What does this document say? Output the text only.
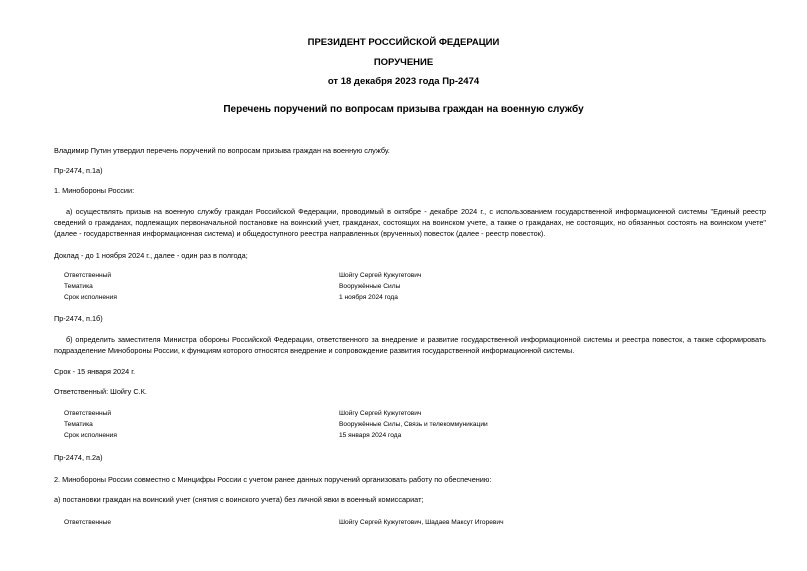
ПРЕЗИДЕНТ РОССИЙСКОЙ ФЕДЕРАЦИИ
ПОРУЧЕНИЕ
от 18 декабря 2023 года Пр-2474
Перечень поручений по вопросам призыва граждан на военную службу
Владимир Путин утвердил перечень поручений по вопросам призыва граждан на военную службу.
Пр-2474, п.1а)
1. Минобороны России:
а) осуществлять призыв на военную службу граждан Российской Федерации, проводимый в октябре - декабре 2024 г., с использованием государственной информационной системы "Единый реестр сведений о гражданах, подлежащих первоначальной постановке на воинский учет, гражданах, состоящих на воинском учете, а также о гражданах, не состоящих, но обязанных состоять на воинском учете" (далее - государственная информационная система) и общедоступного реестра направленных (врученных) повесток (далее - реестр повесток).
Доклад - до 1 ноября 2024 г., далее - один раз в полгода;
Ответственный	Шойгу Сергей Кужугетович
Тематика	Вооружённые Силы
Срок исполнения	1 ноября 2024 года
Пр-2474, п.1б)
б) определить заместителя Министра обороны Российской Федерации, ответственного за внедрение и развитие государственной информационной системы и реестра повесток, а также сформировать подразделение Минобороны России, к функциям которого относятся внедрение и сопровождение развития государственной информационной системы.
Срок - 15 января 2024 г.
Ответственный: Шойгу С.К.
Ответственный	Шойгу Сергей Кужугетович
Тематика	Вооружённые Силы, Связь и телекоммуникации
Срок исполнения	15 января 2024 года
Пр-2474, п.2а)
2. Минобороны России совместно с Минцифры России с учетом ранее данных поручений организовать работу по обеспечению:
а) постановки граждан на воинский учет (снятия с воинского учета) без личной явки в военный комиссариат;
Ответственные	Шойгу Сергей Кужугетович, Шадаев Максут Игоревич
